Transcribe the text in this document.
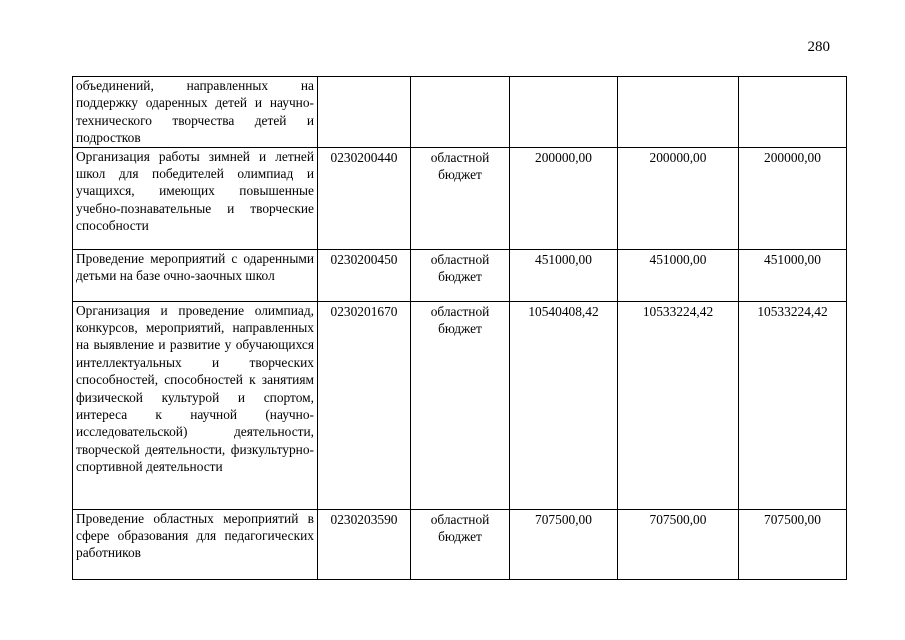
280
объединений, направленных на поддержку одаренных детей и научно-технического творчества детей и подростков					
Организация работы зимней и летней школ для победителей олимпиад и учащихся, имеющих повышенные учебно-познавательные и творческие способности	0230200440	областной бюджет	200000,00	200000,00	200000,00
Проведение мероприятий с одаренными детьми на базе очно-заочных школ	0230200450	областной бюджет	451000,00	451000,00	451000,00
Организация и проведение олимпиад, конкурсов, мероприятий, направленных на выявление и развитие у обучающихся интеллектуальных и творческих способностей, способностей к занятиям физической культурой и спортом, интереса к научной (научно-исследовательской) деятельности, творческой деятельности, физкультурно-спортивной деятельности	0230201670	областной бюджет	10540408,42	10533224,42	10533224,42
Проведение областных мероприятий в сфере образования для педагогических работников	0230203590	областной бюджет	707500,00	707500,00	707500,00
